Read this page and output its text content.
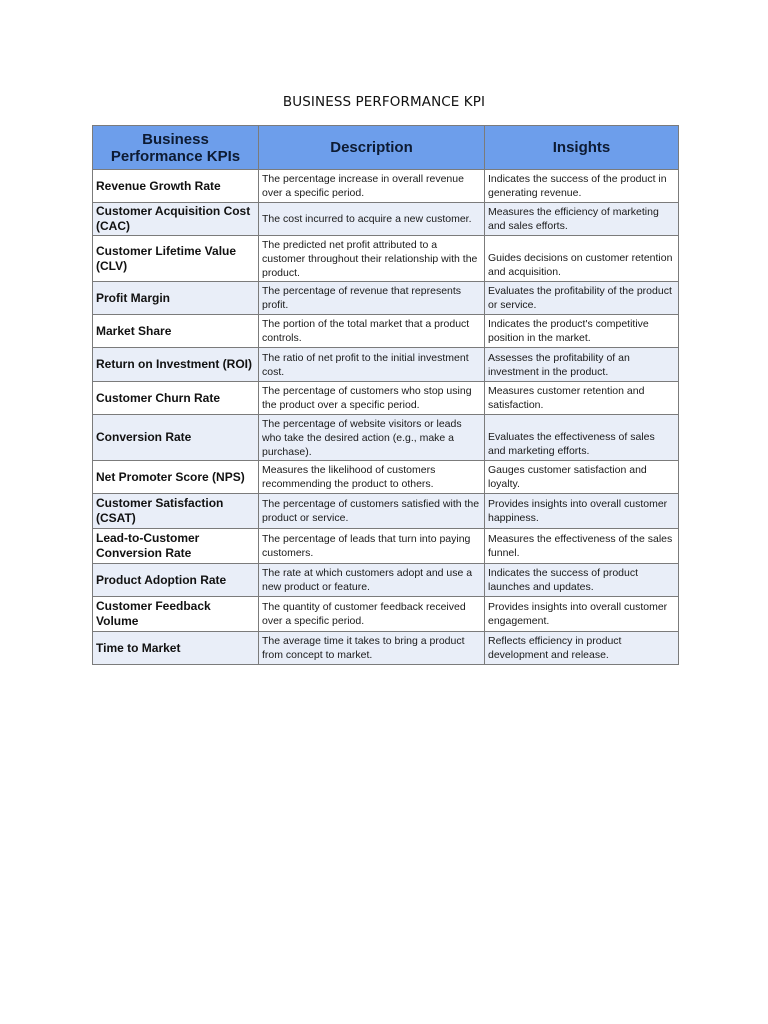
BUSINESS PERFORMANCE KPI
Business Performance KPIs	Description	Insights
Revenue Growth Rate	The percentage increase in overall revenue over a specific period.	Indicates the success of the product in generating revenue.
Customer Acquisition Cost (CAC)	The cost incurred to acquire a new customer.	Measures the efficiency of marketing and sales efforts.
Customer Lifetime Value (CLV)	The predicted net profit attributed to a customer throughout their relationship with the product.	Guides decisions on customer retention and acquisition.
Profit Margin	The percentage of revenue that represents profit.	Evaluates the profitability of the product or service.
Market Share	The portion of the total market that a product controls.	Indicates the product's competitive position in the market.
Return on Investment (ROI)	The ratio of net profit to the initial investment cost.	Assesses the profitability of an investment in the product.
Customer Churn Rate	The percentage of customers who stop using the product over a specific period.	Measures customer retention and satisfaction.
Conversion Rate	The percentage of website visitors or leads who take the desired action (e.g., make a purchase).	Evaluates the effectiveness of sales and marketing efforts.
Net Promoter Score (NPS)	Measures the likelihood of customers recommending the product to others.	Gauges customer satisfaction and loyalty.
Customer Satisfaction (CSAT)	The percentage of customers satisfied with the product or service.	Provides insights into overall customer happiness.
Lead-to-Customer Conversion Rate	The percentage of leads that turn into paying customers.	Measures the effectiveness of the sales funnel.
Product Adoption Rate	The rate at which customers adopt and use a new product or feature.	Indicates the success of product launches and updates.
Customer Feedback Volume	The quantity of customer feedback received over a specific period.	Provides insights into overall customer engagement.
Time to Market	The average time it takes to bring a product from concept to market.	Reflects efficiency in product development and release.
